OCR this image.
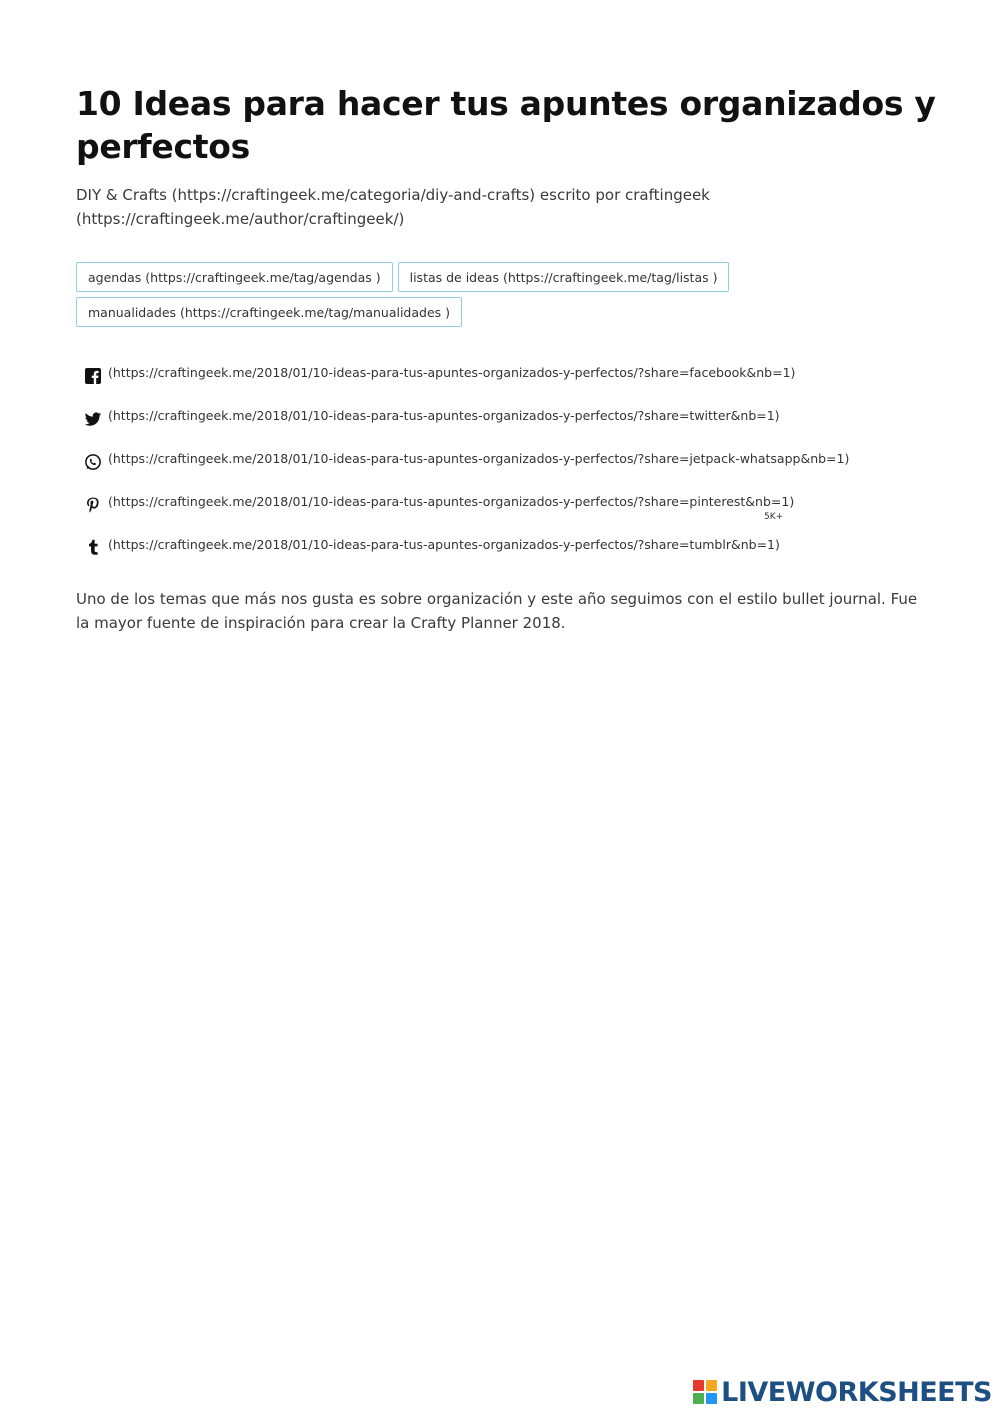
10 Ideas para hacer tus apuntes organizados y perfectos
DIY & Crafts (https://craftingeek.me/categoria/diy-and-crafts) escrito por craftingeek (https://craftingeek.me/author/craftingeek/)
agendas (https://craftingeek.me/tag/agendas )	listas de ideas (https://craftingeek.me/tag/listas )
manualidades (https://craftingeek.me/tag/manualidades )
(https://craftingeek.me/2018/01/10-ideas-para-tus-apuntes-organizados-y-perfectos/?share=facebook&nb=1)
(https://craftingeek.me/2018/01/10-ideas-para-tus-apuntes-organizados-y-perfectos/?share=twitter&nb=1)
(https://craftingeek.me/2018/01/10-ideas-para-tus-apuntes-organizados-y-perfectos/?share=jetpack-whatsapp&nb=1)
(https://craftingeek.me/2018/01/10-ideas-para-tus-apuntes-organizados-y-perfectos/?share=pinterest&nb=1)
5K+
(https://craftingeek.me/2018/01/10-ideas-para-tus-apuntes-organizados-y-perfectos/?share=tumblr&nb=1)

Uno de los temas que más nos gusta es sobre organización y este año seguimos con el estilo bullet journal. Fue la mayor fuente de inspiración para crear la Crafty Planner 2018.

LIVEWORKSHEETS
